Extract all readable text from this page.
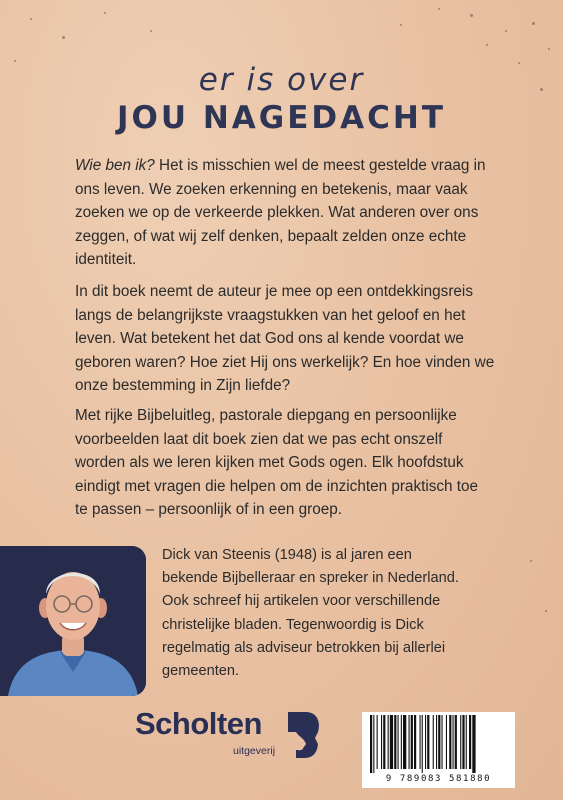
er is over
JOU NAGEDACHT

Wie ben ik? Het is misschien wel de meest gestelde vraag in ons leven. We zoeken erkenning en betekenis, maar vaak zoeken we op de verkeerde plekken. Wat anderen over ons zeggen, of wat wij zelf denken, bepaalt zelden onze echte identiteit.

In dit boek neemt de auteur je mee op een ontdekkingsreis langs de belangrijkste vraagstukken van het geloof en het leven. Wat betekent het dat God ons al kende voordat we geboren waren? Hoe ziet Hij ons werkelijk? En hoe vinden we onze bestemming in Zijn liefde?

Met rijke Bijbeluitleg, pastorale diepgang en persoonlijke voorbeelden laat dit boek zien dat we pas echt onszelf worden als we leren kijken met Gods ogen. Elk hoofdstuk eindigt met vragen die helpen om de inzichten praktisch toe te passen – persoonlijk of in een groep.

Dick van Steenis (1948) is al jaren een bekende Bijbelleraar en spreker in Nederland. Ook schreef hij artikelen voor verschillende christelijke bladen. Tegenwoordig is Dick regelmatig als adviseur betrokken bij allerlei gemeenten.

Scholten
uitgeverij
9 789083 581880
